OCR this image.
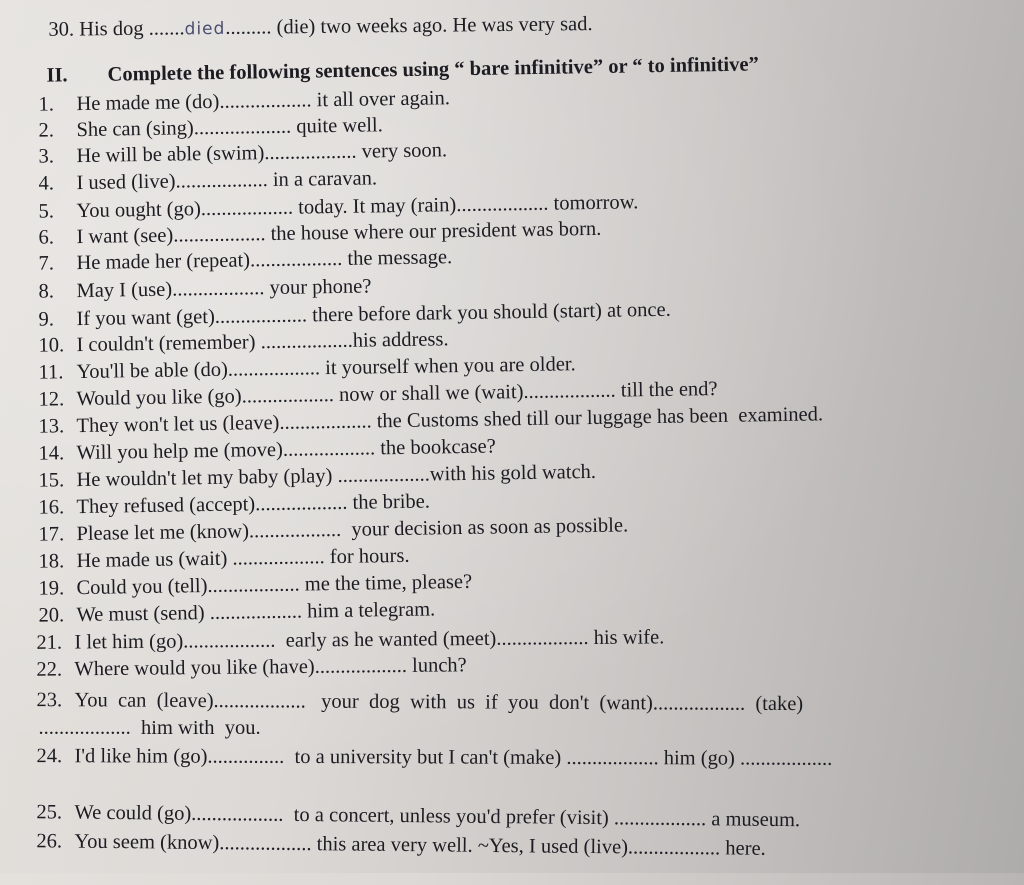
30. His dog .......died......... (die) two weeks ago. He was very sad.

II. Complete the following sentences using “ bare infinitive” or “ to infinitive”

1. He made me (do).................. it all over again.

2. She can (sing)................... quite well.

3. He will be able (swim).................. very soon.

4. I used (live).................. in a caravan.

5. You ought (go).................. today. It may (rain).................. tomorrow.

6. I want (see).................. the house where our president was born.

7. He made her (repeat).................. the message.

8. May I (use).................. your phone?

9. If you want (get).................. there before dark you should (start) at once.

10. I couldn't (remember) ..................his address.

11. You'll be able (do).................. it yourself when you are older.

12. Would you like (go).................. now or shall we (wait).................. till the end?

13. They won't let us (leave).................. the Customs shed till our luggage has been  examined.

14. Will you help me (move).................. the bookcase?

15. He wouldn't let my baby (play) ..................with his gold watch.

16. They refused (accept).................. the bribe.

17. Please let me (know)..................  your decision as soon as possible.

18. He made us (wait) .................. for hours.

19. Could you (tell).................. me the time, please?

20. We must (send) .................. him a telegram.

21. I let him (go)..................  early as he wanted (meet).................. his wife.

22. Where would you like (have).................. lunch?

23. You  can  (leave)..................   your  dog  with  us  if  you  don't  (want)..................  (take)

..................  him with  you.

24. I'd like him (go)...............  to a university but I can't (make) .................. him (go) ..................

25. We could (go)..................  to a concert, unless you'd prefer (visit) .................. a museum.

26. You seem (know).................. this area very well. ~Yes, I used (live).................. here.
